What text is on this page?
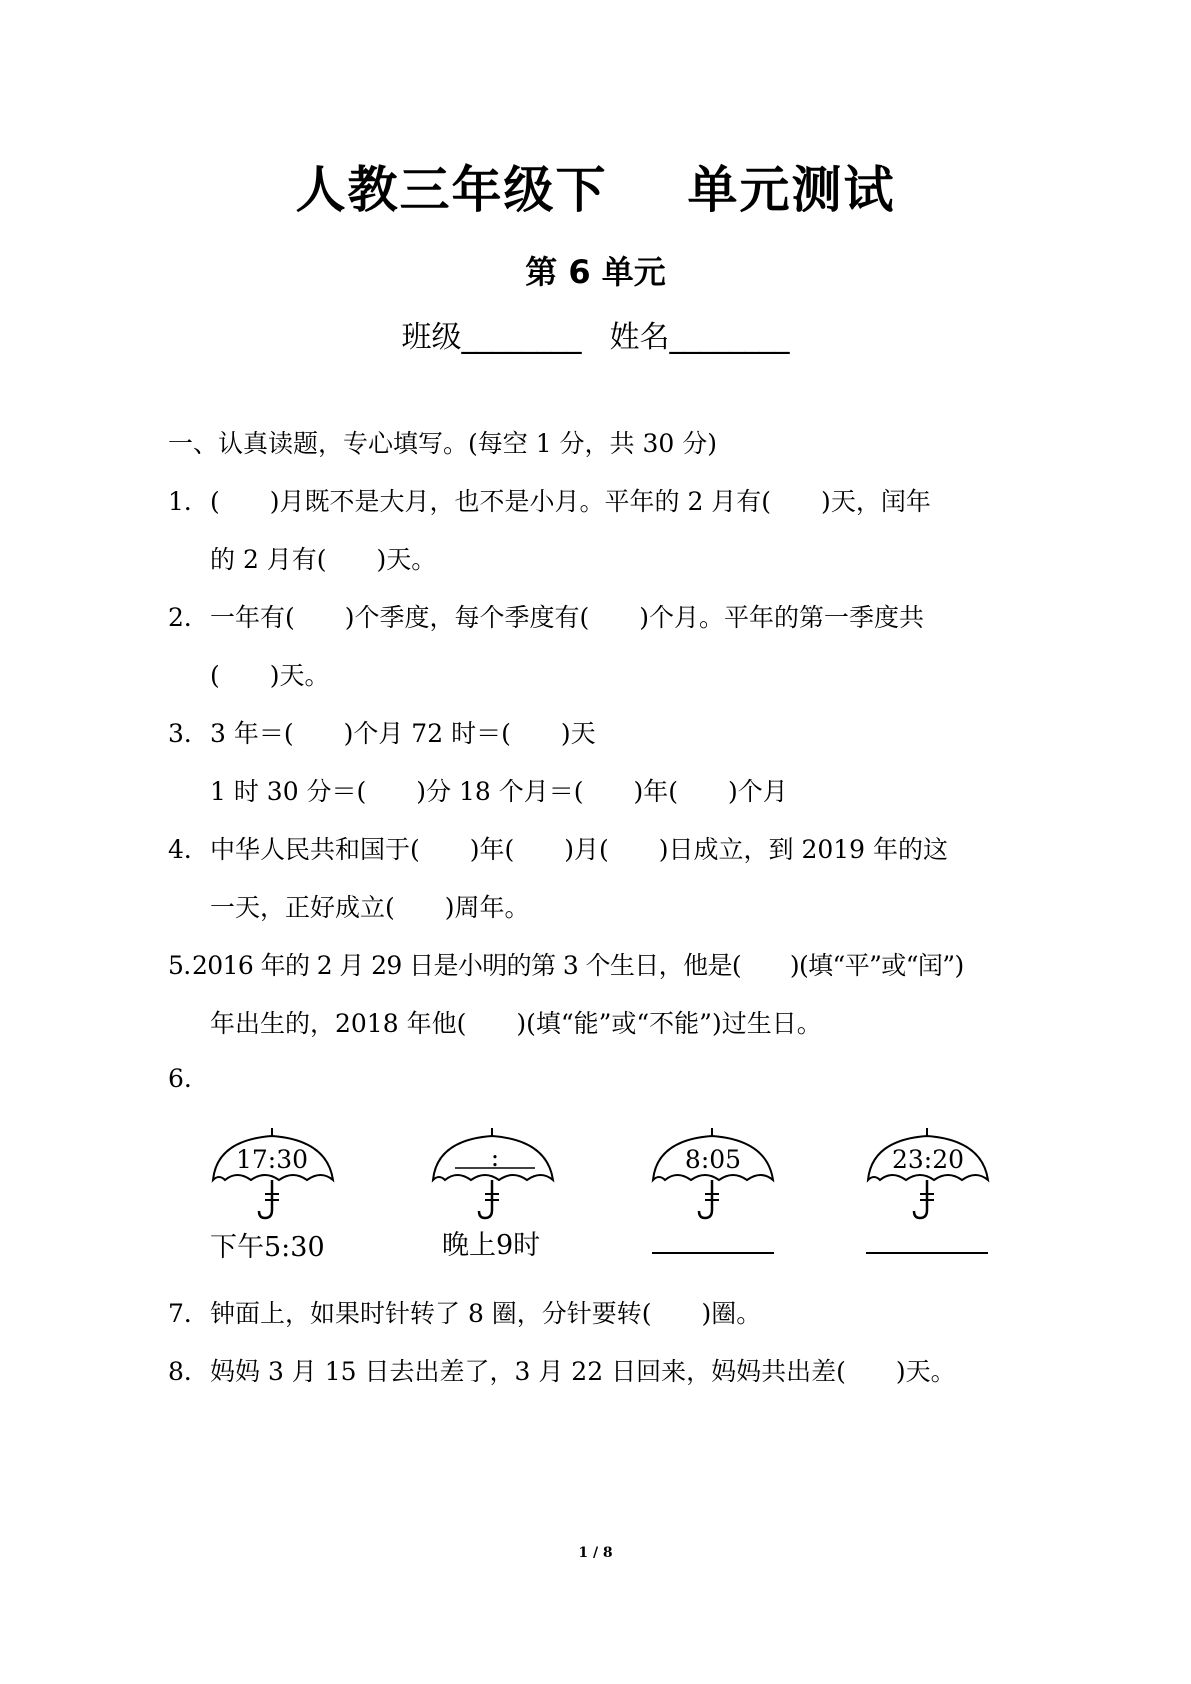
人教三年级下 单元测试
第 6 单元
班级________ 姓名________
一、认真读题，专心填写。(每空 1 分，共 30 分)
1．(　　)月既不是大月，也不是小月。平年的 2 月有(　　)天，闰年
的 2 月有(　　)天。
2．一年有(　　)个季度，每个季度有(　　)个月。平年的第一季度共
(　　)天。
3．3 年＝(　　)个月 72 时＝(　　)天
1 时 30 分＝(　　)分 18 个月＝(　　)年(　　)个月
4．中华人民共和国于(　　)年(　　)月(　　)日成立，到 2019 年的这
一天，正好成立(　　)周年。
5.2016 年的 2 月 29 日是小明的第 3 个生日，他是(　　)(填“平”或“闰”)
年出生的，2018 年他(　　)(填“能”或“不能”)过生日。
6.
17:30
下午5:30
:
晚上9时
8:05	23:20
7．钟面上，如果时针转了 8 圈，分针要转(　　)圈。
8．妈妈 3 月 15 日去出差了，3 月 22 日回来，妈妈共出差(　　)天。
1 / 8
